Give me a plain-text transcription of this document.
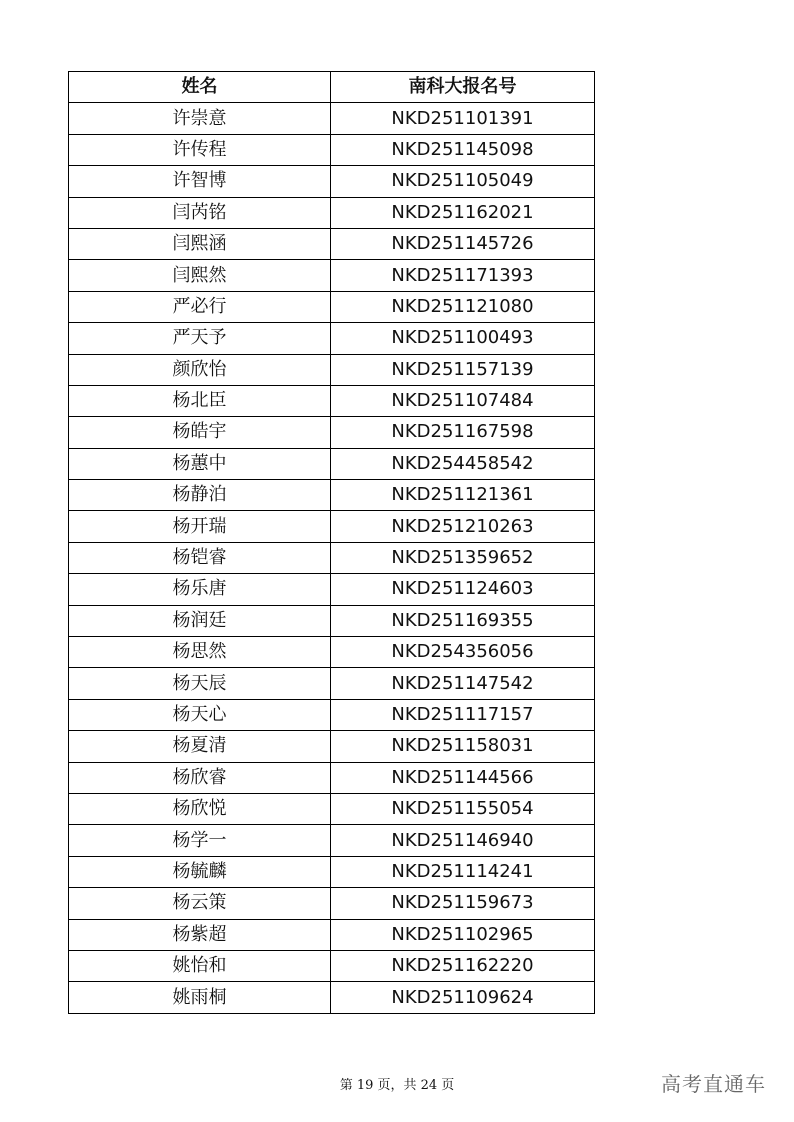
姓名	南科大报名号
许崇意	NKD251101391
许传程	NKD251145098
许智博	NKD251105049
闫芮铭	NKD251162021
闫熙涵	NKD251145726
闫熙然	NKD251171393
严必行	NKD251121080
严天予	NKD251100493
颜欣怡	NKD251157139
杨北臣	NKD251107484
杨皓宇	NKD251167598
杨蕙中	NKD254458542
杨静泊	NKD251121361
杨开瑞	NKD251210263
杨铠睿	NKD251359652
杨乐唐	NKD251124603
杨润廷	NKD251169355
杨思然	NKD254356056
杨天辰	NKD251147542
杨天心	NKD251117157
杨夏清	NKD251158031
杨欣睿	NKD251144566
杨欣悦	NKD251155054
杨学一	NKD251146940
杨毓麟	NKD251114241
杨云策	NKD251159673
杨紫超	NKD251102965
姚怡和	NKD251162220
姚雨桐	NKD251109624
第 19 页，共 24 页	高考直通车
